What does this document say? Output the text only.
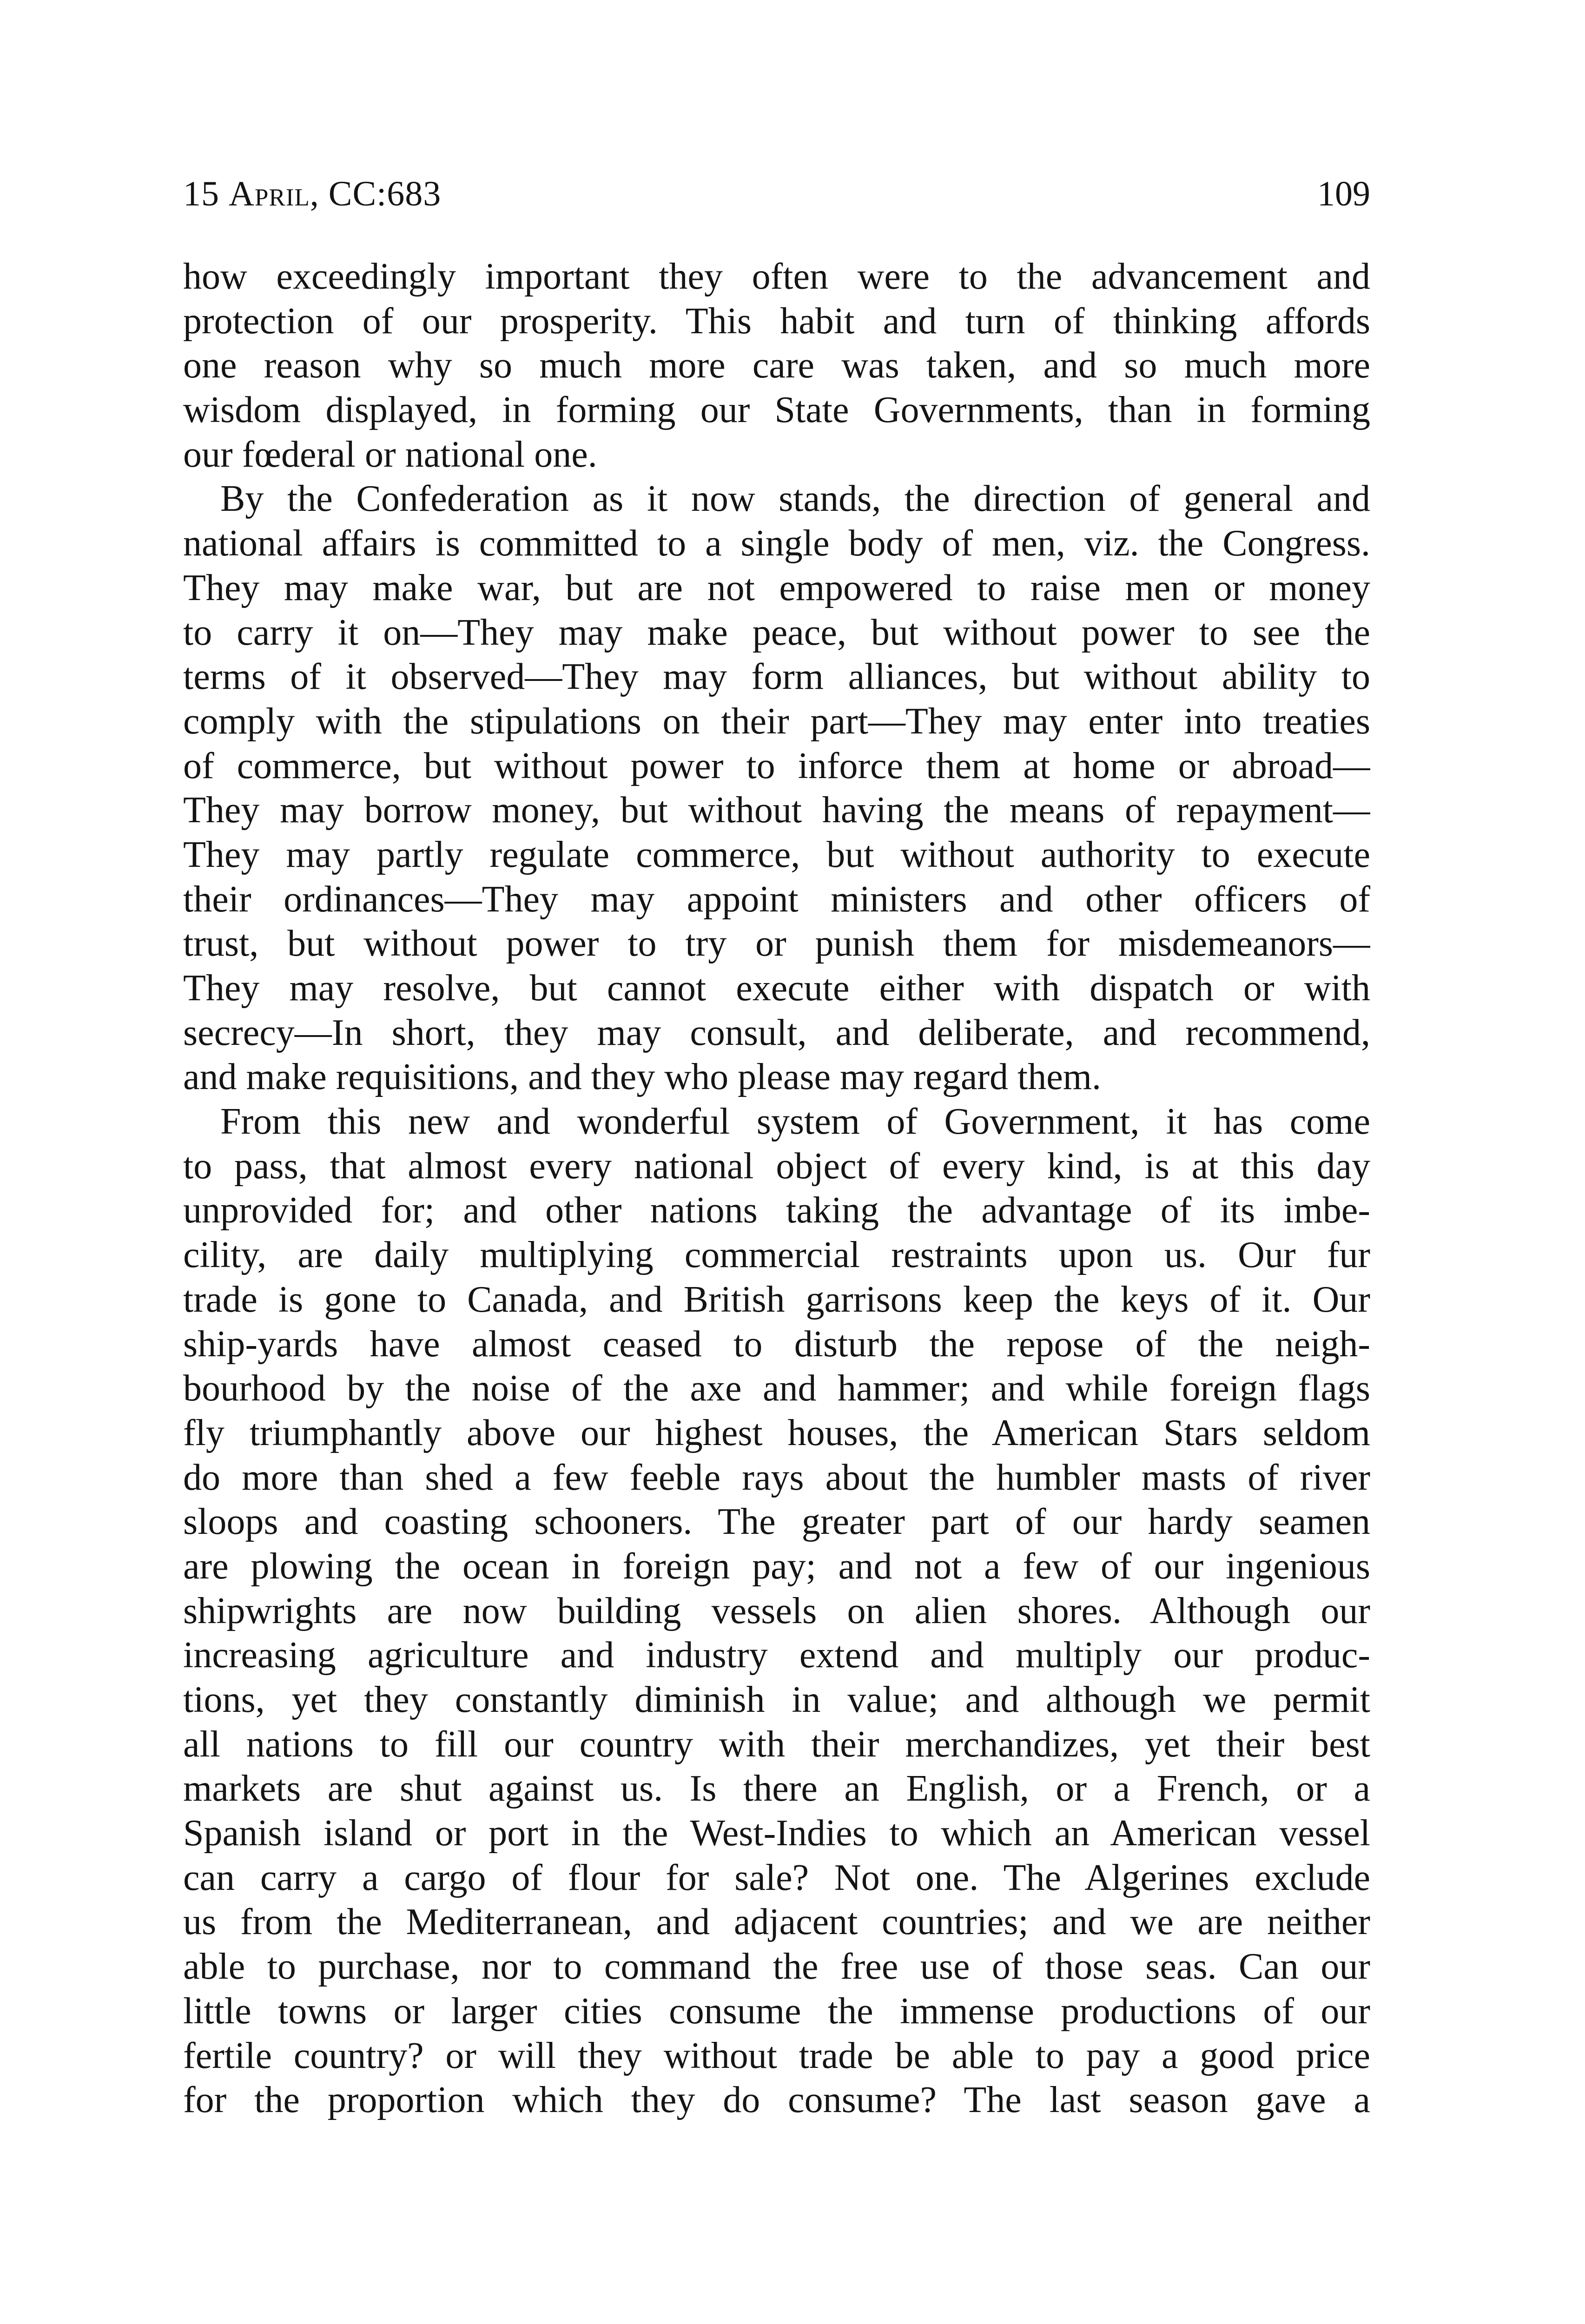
15 April, CC:683	109
how exceedingly important they often were to the advancement and
protection of our prosperity. This habit and turn of thinking affords
one reason why so much more care was taken, and so much more
wisdom displayed, in forming our State Governments, than in forming
our fœderal or national one.
By the Confederation as it now stands, the direction of general and
national affairs is committed to a single body of men, viz. the Congress.
They may make war, but are not empowered to raise men or money
to carry it on—They may make peace, but without power to see the
terms of it observed—They may form alliances, but without ability to
comply with the stipulations on their part—They may enter into treaties
of commerce, but without power to inforce them at home or abroad—
They may borrow money, but without having the means of repayment—
They may partly regulate commerce, but without authority to execute
their ordinances—They may appoint ministers and other officers of
trust, but without power to try or punish them for misdemeanors—
They may resolve, but cannot execute either with dispatch or with
secrecy—In short, they may consult, and deliberate, and recommend,
and make requisitions, and they who please may regard them.
From this new and wonderful system of Government, it has come
to pass, that almost every national object of every kind, is at this day
unprovided for; and other nations taking the advantage of its imbe-
cility, are daily multiplying commercial restraints upon us. Our fur
trade is gone to Canada, and British garrisons keep the keys of it. Our
ship-yards have almost ceased to disturb the repose of the neigh-
bourhood by the noise of the axe and hammer; and while foreign flags
fly triumphantly above our highest houses, the American Stars seldom
do more than shed a few feeble rays about the humbler masts of river
sloops and coasting schooners. The greater part of our hardy seamen
are plowing the ocean in foreign pay; and not a few of our ingenious
shipwrights are now building vessels on alien shores. Although our
increasing agriculture and industry extend and multiply our produc-
tions, yet they constantly diminish in value; and although we permit
all nations to fill our country with their merchandizes, yet their best
markets are shut against us. Is there an English, or a French, or a
Spanish island or port in the West-Indies to which an American vessel
can carry a cargo of flour for sale? Not one. The Algerines exclude
us from the Mediterranean, and adjacent countries; and we are neither
able to purchase, nor to command the free use of those seas. Can our
little towns or larger cities consume the immense productions of our
fertile country? or will they without trade be able to pay a good price
for the proportion which they do consume? The last season gave a
